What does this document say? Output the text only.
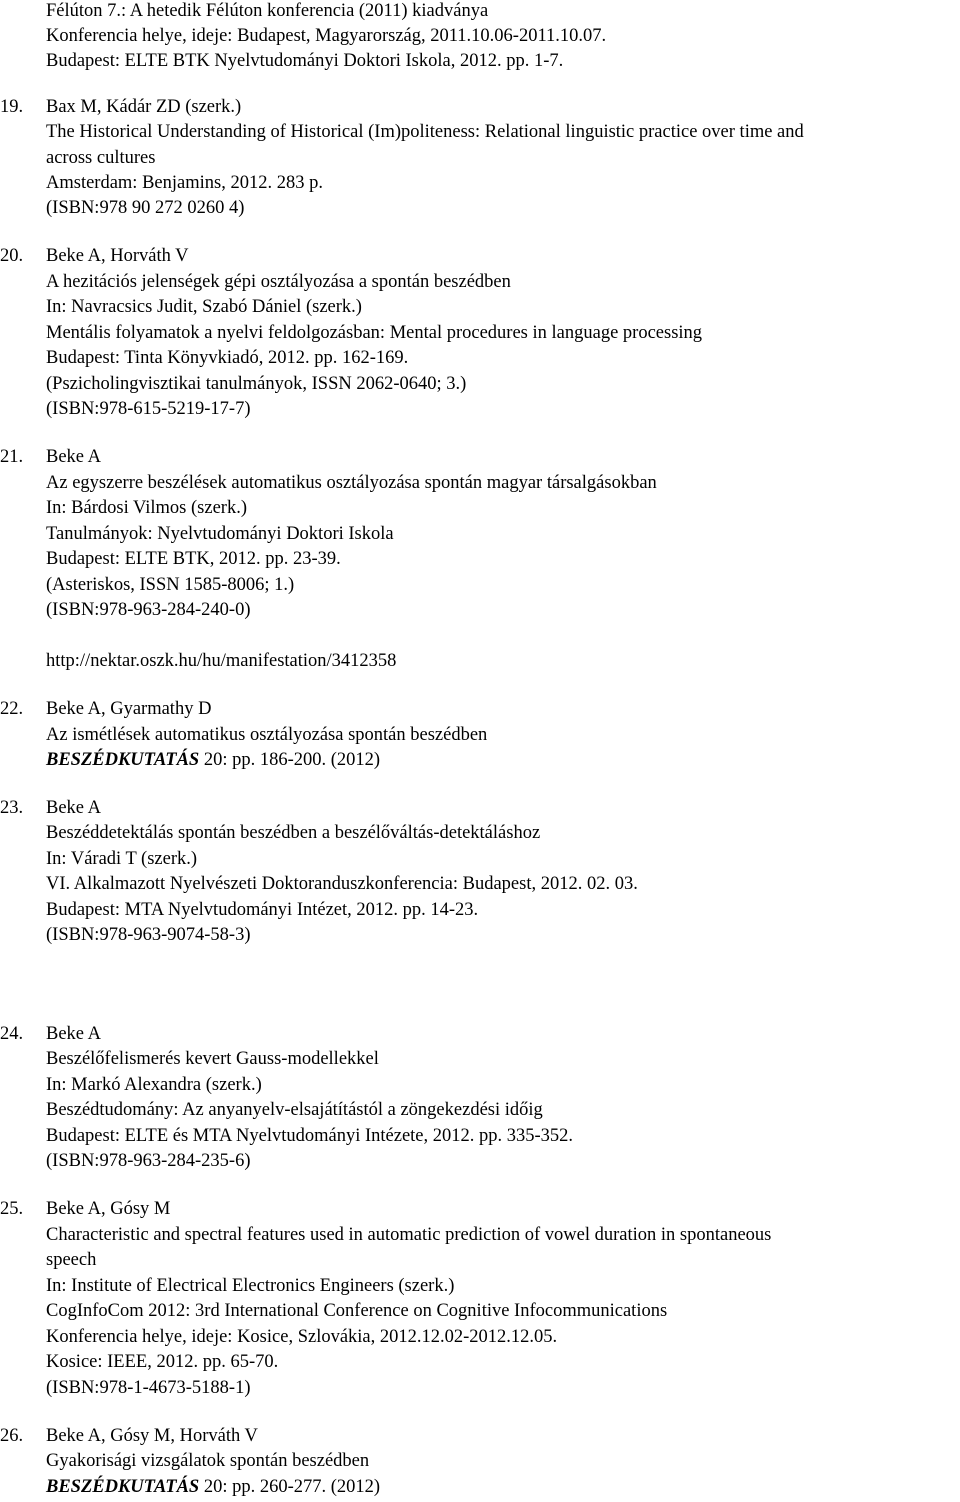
Félúton 7.: A hetedik Félúton konferencia (2011) kiadványa
Konferencia helye, ideje: Budapest, Magyarország, 2011.10.06-2011.10.07.
Budapest: ELTE BTK Nyelvtudományi Doktori Iskola, 2012. pp. 1-7.
19.	Bax M, Kádár ZD (szerk.)
The Historical Understanding of Historical (Im)politeness: Relational linguistic practice over time and
across cultures
Amsterdam: Benjamins, 2012. 283 p.
(ISBN:978 90 272 0260 4)
20.	Beke A, Horváth V
A hezitációs jelenségek gépi osztályozása a spontán beszédben
In: Navracsics Judit, Szabó Dániel (szerk.)
Mentális folyamatok a nyelvi feldolgozásban: Mental procedures in language processing
Budapest: Tinta Könyvkiadó, 2012. pp. 162-169.
(Pszicholingvisztikai tanulmányok, ISSN 2062-0640; 3.)
(ISBN:978-615-5219-17-7)
21.	Beke A
Az egyszerre beszélések automatikus osztályozása spontán magyar társalgásokban
In: Bárdosi Vilmos (szerk.)
Tanulmányok: Nyelvtudományi Doktori Iskola
Budapest: ELTE BTK, 2012. pp. 23-39.
(Asteriskos, ISSN 1585-8006; 1.)
(ISBN:978-963-284-240-0)
http://nektar.oszk.hu/hu/manifestation/3412358
22.	Beke A, Gyarmathy D
Az ismétlések automatikus osztályozása spontán beszédben
BESZÉDKUTATÁS 20: pp. 186-200. (2012)
23.	Beke A
Beszéddetektálás spontán beszédben a beszélőváltás-detektáláshoz
In: Váradi T (szerk.)
VI. Alkalmazott Nyelvészeti Doktoranduszkonferencia: Budapest, 2012. 02. 03.
Budapest: MTA Nyelvtudományi Intézet, 2012. pp. 14-23.
(ISBN:978-963-9074-58-3)
24.	Beke A
Beszélőfelismerés kevert Gauss-modellekkel
In: Markó Alexandra (szerk.)
Beszédtudomány: Az anyanyelv-elsajátítástól a zöngekezdési időig
Budapest: ELTE és MTA Nyelvtudományi Intézete, 2012. pp. 335-352.
(ISBN:978-963-284-235-6)
25.	Beke A, Gósy M
Characteristic and spectral features used in automatic prediction of vowel duration in spontaneous
speech
In: Institute of Electrical Electronics Engineers (szerk.)
CogInfoCom 2012: 3rd International Conference on Cognitive Infocommunications
Konferencia helye, ideje: Kosice, Szlovákia, 2012.12.02-2012.12.05.
Kosice: IEEE, 2012. pp. 65-70.
(ISBN:978-1-4673-5188-1)
26.	Beke A, Gósy M, Horváth V
Gyakorisági vizsgálatok spontán beszédben
BESZÉDKUTATÁS 20: pp. 260-277. (2012)
